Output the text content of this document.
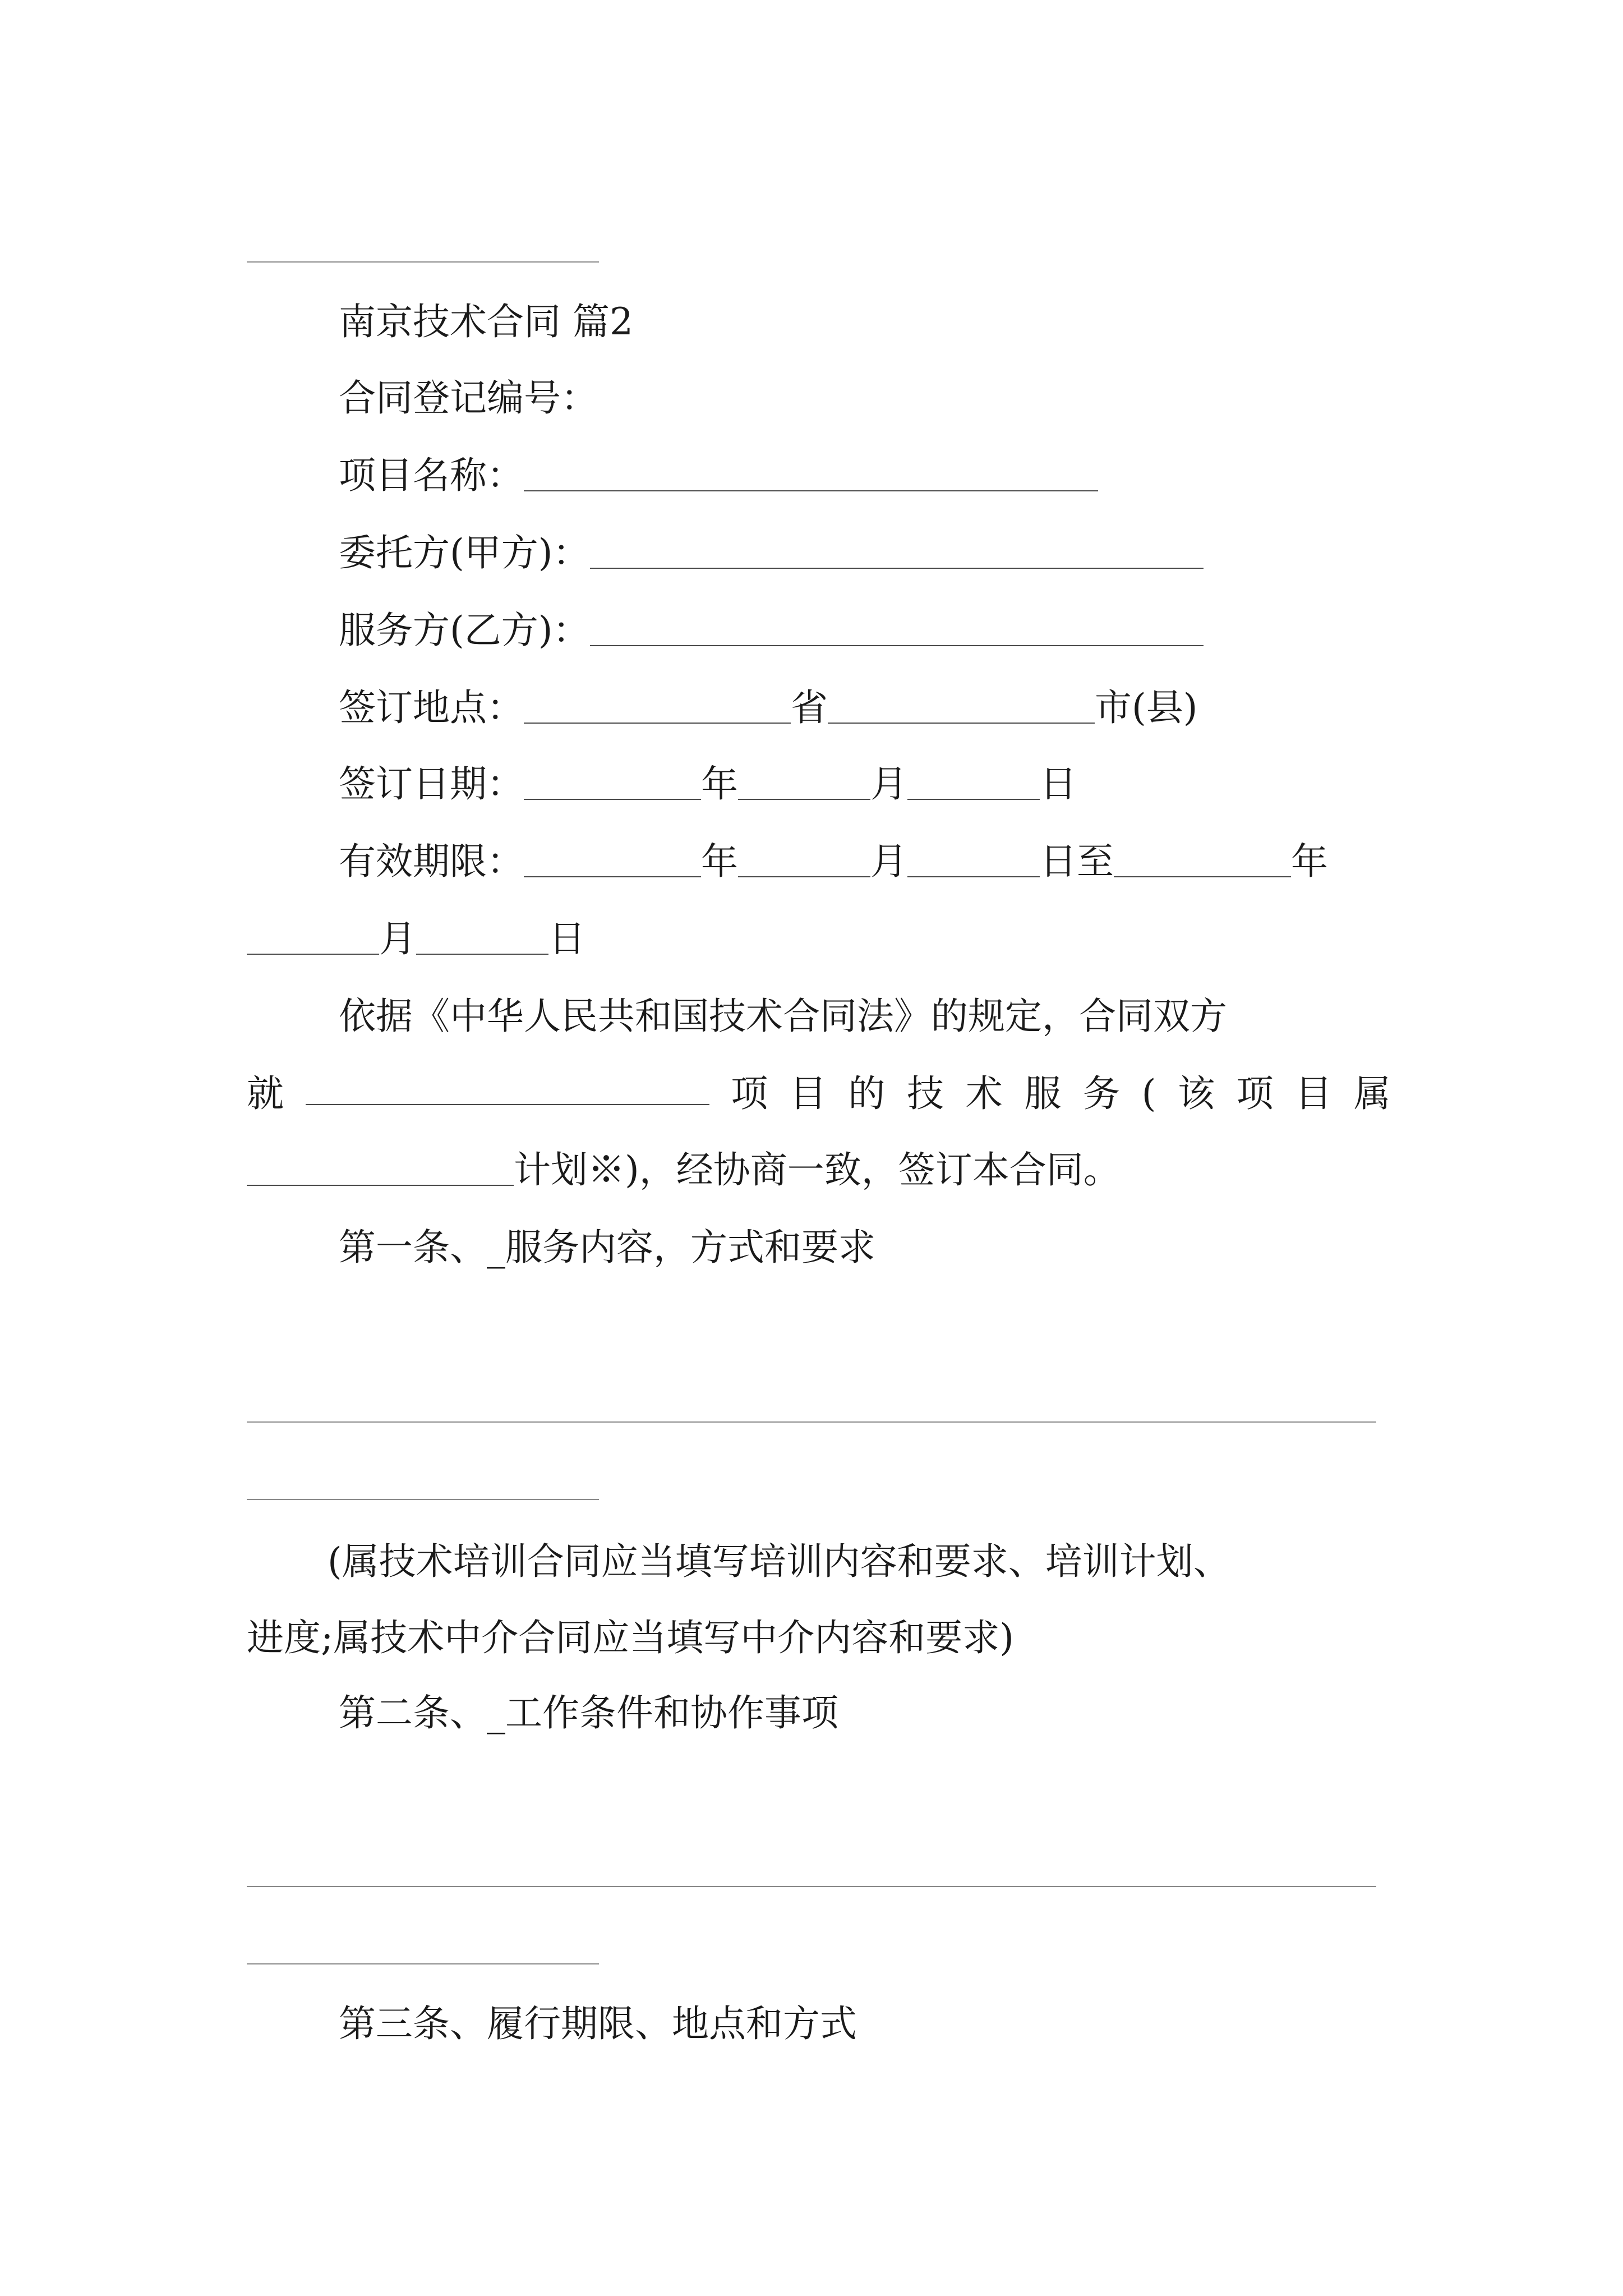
南京技术合同 篇2
合同登记编号：
项目名称：
委托方(甲方)：
服务方(乙方)：
签订地点：	省	市(县)
签订日期：	年	月	日
有效期限：	年	月	日至	年
月	日
依据《中华人民共和国技术合同法》的规定，合同双方
就	项 目 的 技 术 服 务 ( 该 项 目 属
计划※)，经协商一致，签订本合同。
第一条、_服务内容，方式和要求
(属技术培训合同应当填写培训内容和要求、培训计划、
进度;属技术中介合同应当填写中介内容和要求)
第二条、_工作条件和协作事项
第三条、履行期限、地点和方式
